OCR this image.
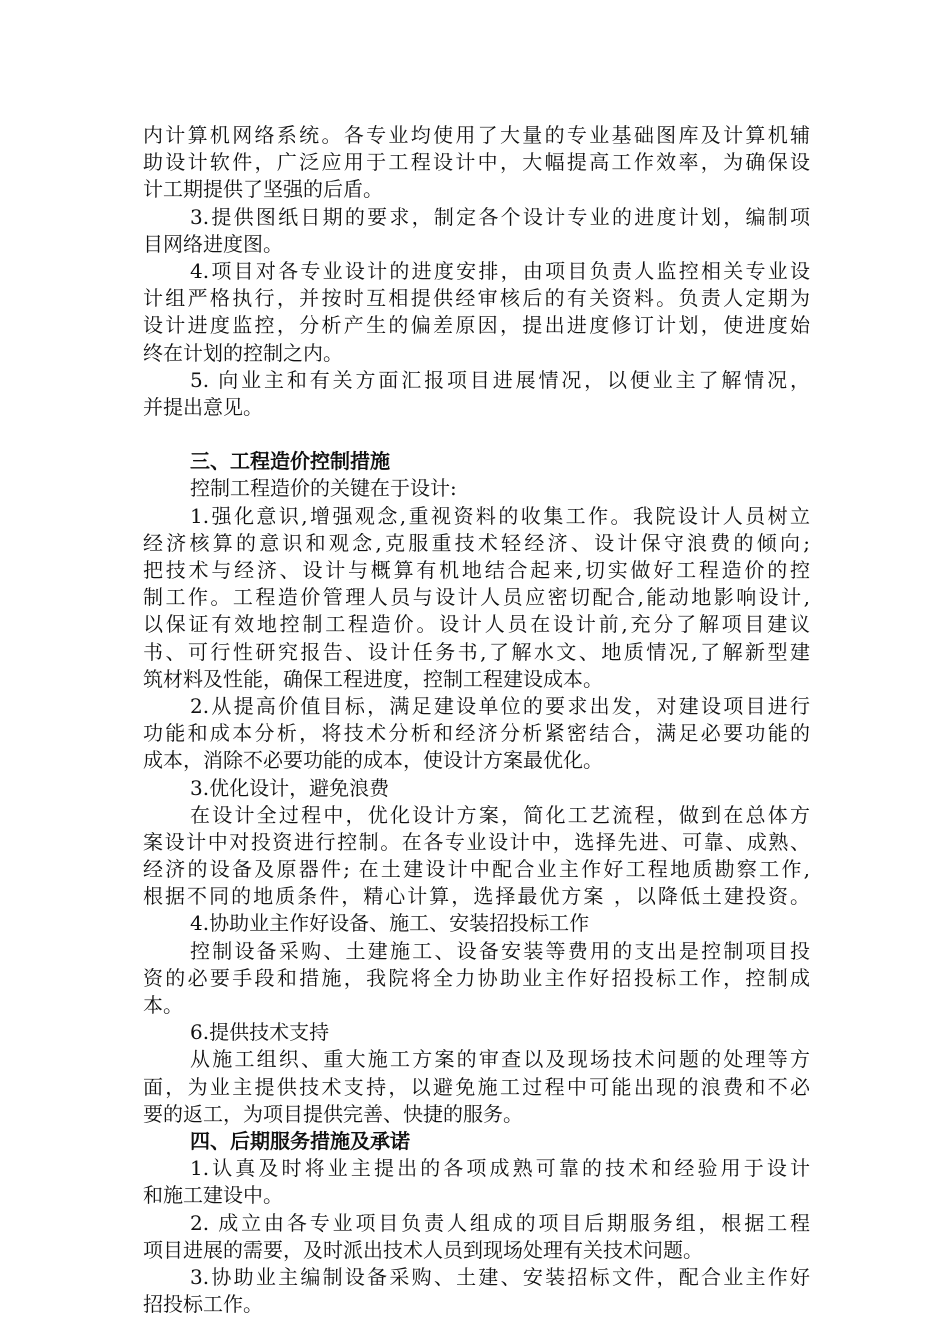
内计算机网络系统。各专业均使用了大量的专业基础图库及计算机辅
助设计软件，广泛应用于工程设计中，大幅提高工作效率，为确保设
计工期提供了坚强的后盾。
3.提供图纸日期的要求，制定各个设计专业的进度计划，编制项
目网络进度图。
4.项目对各专业设计的进度安排，由项目负责人监控相关专业设
计组严格执行，并按时互相提供经审核后的有关资料。负责人定期为
设计进度监控，分析产生的偏差原因，提出进度修订计划，使进度始
终在计划的控制之内。
5. 向业主和有关方面汇报项目进展情况，以便业主了解情况，
并提出意见。
三、工程造价控制措施
控制工程造价的关键在于设计:
1.强化意识,增强观念,重视资料的收集工作。我院设计人员树立
经济核算的意识和观念,克服重技术轻经济、设计保守浪费的倾向;
把技术与经济、设计与概算有机地结合起来,切实做好工程造价的控
制工作。工程造价管理人员与设计人员应密切配合,能动地影响设计,
以保证有效地控制工程造价。设计人员在设计前,充分了解项目建议
书、可行性研究报告、设计任务书,了解水文、地质情况,了解新型建
筑材料及性能，确保工程进度，控制工程建设成本。
2.从提高价值目标，满足建设单位的要求出发，对建设项目进行
功能和成本分析，将技术分析和经济分析紧密结合，满足必要功能的
成本，消除不必要功能的成本，使设计方案最优化。
3.优化设计，避免浪费
在设计全过程中，优化设计方案，简化工艺流程，做到在总体方
案设计中对投资进行控制。在各专业设计中，选择先进、可靠、成熟、
经济的设备及原器件; 在土建设计中配合业主作好工程地质勘察工作,
根据不同的地质条件，精心计算，选择最优方案 ，以降低土建投资。
4.协助业主作好设备、施工、安装招投标工作
控制设备采购、土建施工、设备安装等费用的支出是控制项目投
资的必要手段和措施，我院将全力协助业主作好招投标工作，控制成
本。
6.提供技术支持
从施工组织、重大施工方案的审查以及现场技术问题的处理等方
面，为业主提供技术支持，以避免施工过程中可能出现的浪费和不必
要的返工，为项目提供完善、快捷的服务。
四、后期服务措施及承诺
1.认真及时将业主提出的各项成熟可靠的技术和经验用于设计
和施工建设中。
2. 成立由各专业项目负责人组成的项目后期服务组，根据工程
项目进展的需要，及时派出技术人员到现场处理有关技术问题。
3.协助业主编制设备采购、土建、安装招标文件，配合业主作好
招投标工作。
